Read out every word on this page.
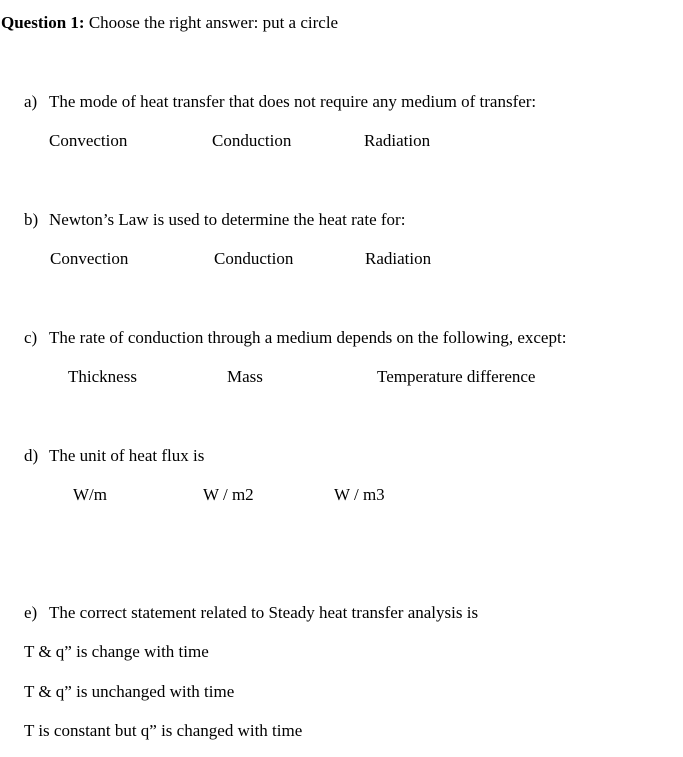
Question 1: Choose the right answer: put a circle
a) The mode of heat transfer that does not require any medium of transfer:
Convection	Conduction	Radiation
b) Newton’s Law is used to determine the heat rate for:
Convection	Conduction	Radiation
c) The rate of conduction through a medium depends on the following, except:
Thickness	Mass	Temperature difference
d) The unit of heat flux is
W/m	W / m2	W / m3
e) The correct statement related to Steady heat transfer analysis is
T & q” is change with time
T & q” is unchanged with time
T is constant but q” is changed with time
